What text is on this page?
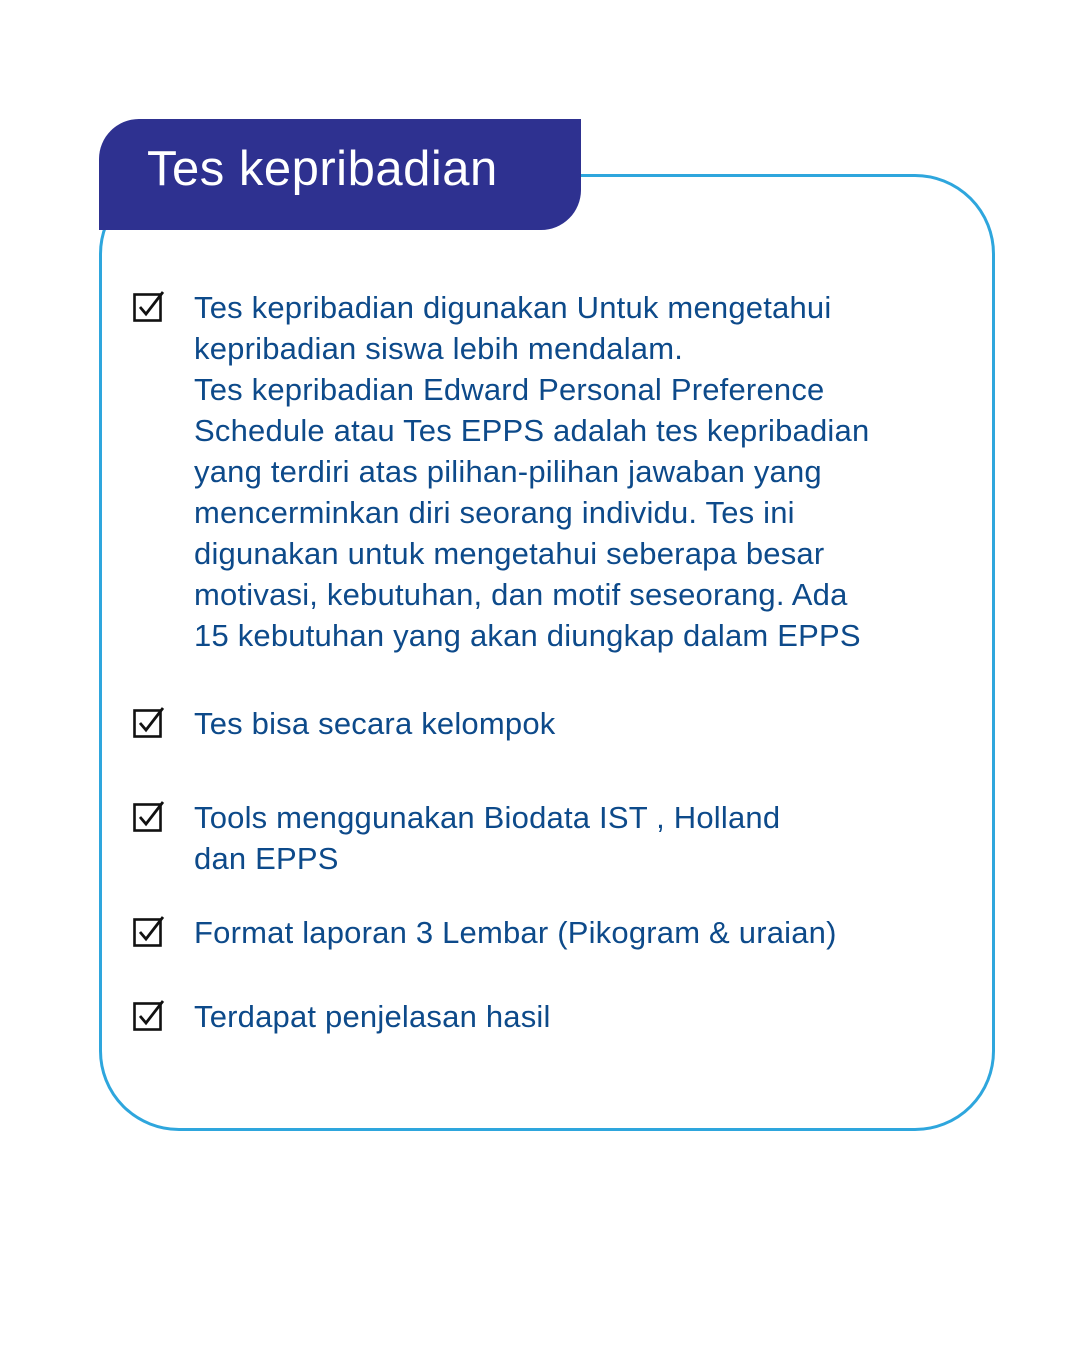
Tes kepribadian
Tes kepribadian digunakan Untuk mengetahui
kepribadian siswa lebih mendalam.
Tes kepribadian Edward Personal Preference
Schedule atau Tes EPPS adalah tes kepribadian
yang terdiri atas pilihan-pilihan jawaban yang
mencerminkan diri seorang individu. Tes ini
digunakan untuk mengetahui seberapa besar
motivasi, kebutuhan, dan motif seseorang. Ada
15 kebutuhan yang akan diungkap dalam EPPS
Tes bisa secara kelompok
Tools menggunakan Biodata IST , Holland
dan EPPS
Format laporan 3 Lembar (Pikogram & uraian)
Terdapat penjelasan hasil
